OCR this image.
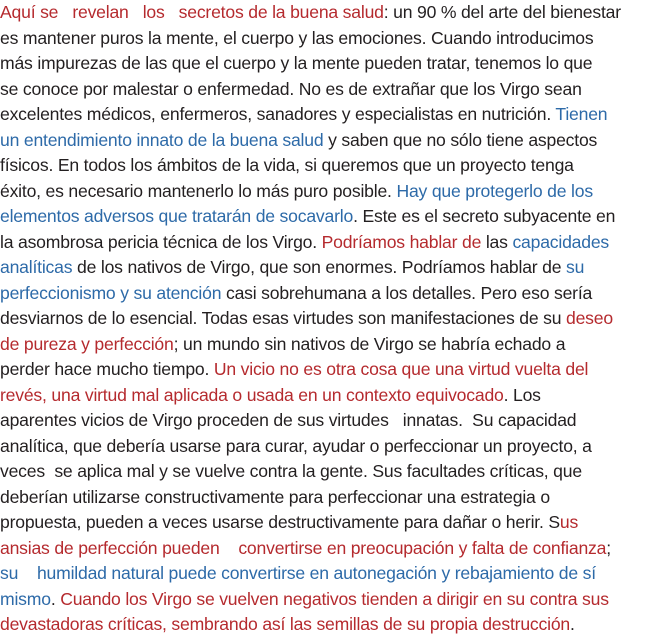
Aquí se   revelan   los   secretos de la buena salud: un 90 % del arte del bienestar
es mantener puros la mente, el cuerpo y las emociones. Cuando introducimos
más impurezas de las que el cuerpo y la mente pueden tratar, tenemos lo que
se conoce por malestar o enfermedad. No es de extrañar que los Virgo sean
excelentes médicos, enfermeros, sanadores y especialistas en nutrición. Tienen
un entendimiento innato de la buena salud y saben que no sólo tiene aspectos
físicos. En todos los ámbitos de la vida, si queremos que un proyecto tenga
éxito, es necesario mantenerlo lo más puro posible. Hay que protegerlo de los
elementos adversos que tratarán de socavarlo. Este es el secreto subyacente en
la asombrosa pericia técnica de los Virgo. Podríamos hablar de las capacidades
analíticas de los nativos de Virgo, que son enormes. Podríamos hablar de su
perfeccionismo y su atención casi sobrehumana a los detalles. Pero eso sería
desviarnos de lo esencial. Todas esas virtudes son manifestaciones de su deseo
de pureza y perfección; un mundo sin nativos de Virgo se habría echado a
perder hace mucho tiempo. Un vicio no es otra cosa que una virtud vuelta del
revés, una virtud mal aplicada o usada en un contexto equivocado. Los
aparentes vicios de Virgo proceden de sus virtudes   innatas.  Su capacidad
analítica, que debería usarse para curar, ayudar o perfeccionar un proyecto, a
veces  se aplica mal y se vuelve contra la gente. Sus facultades críticas, que
deberían utilizarse constructivamente para perfeccionar una estrategia o
propuesta, pueden a veces usarse destructivamente para dañar o herir. Sus
ansias de perfección pueden    convertirse en preocupación y falta de confianza;
su    humildad natural puede convertirse en autonegación y rebajamiento de sí
mismo. Cuando los Virgo se vuelven negativos tienden a dirigir en su contra sus
devastadoras críticas, sembrando así las semillas de su propia destrucción.
